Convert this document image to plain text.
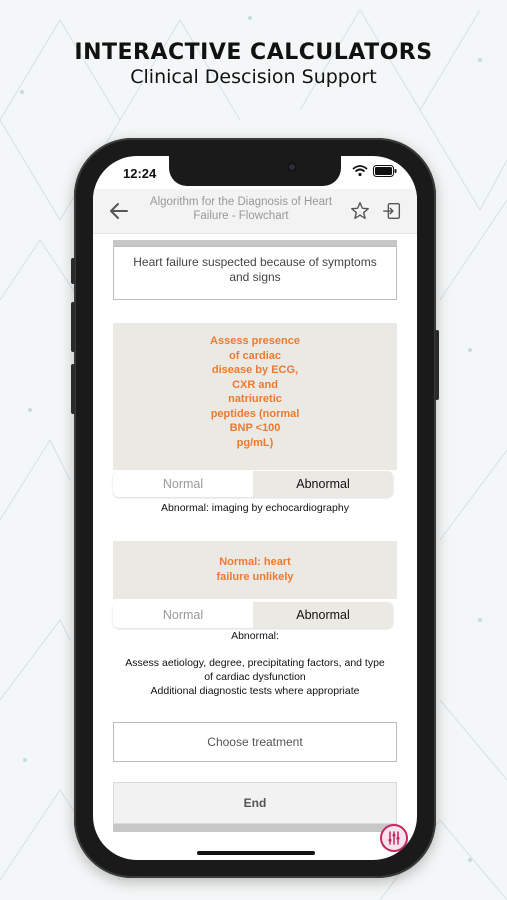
INTERACTIVE CALCULATORS
Clinical Descision Support
12:24
Algorithm for the Diagnosis of Heart
Failure - Flowchart
Heart failure suspected because of symptoms
and signs
Assess presence
of cardiac
disease by ECG,
CXR and
natriuretic
peptides (normal
BNP <100
pg/mL)
Normal	Abnormal
Abnormal: imaging by echocardiography
Normal: heart
failure unlikely
Normal	Abnormal
Abnormal:
Assess aetiology, degree, precipitating factors, and type
of cardiac dysfunction
Additional diagnostic tests where appropriate
Choose treatment
End
